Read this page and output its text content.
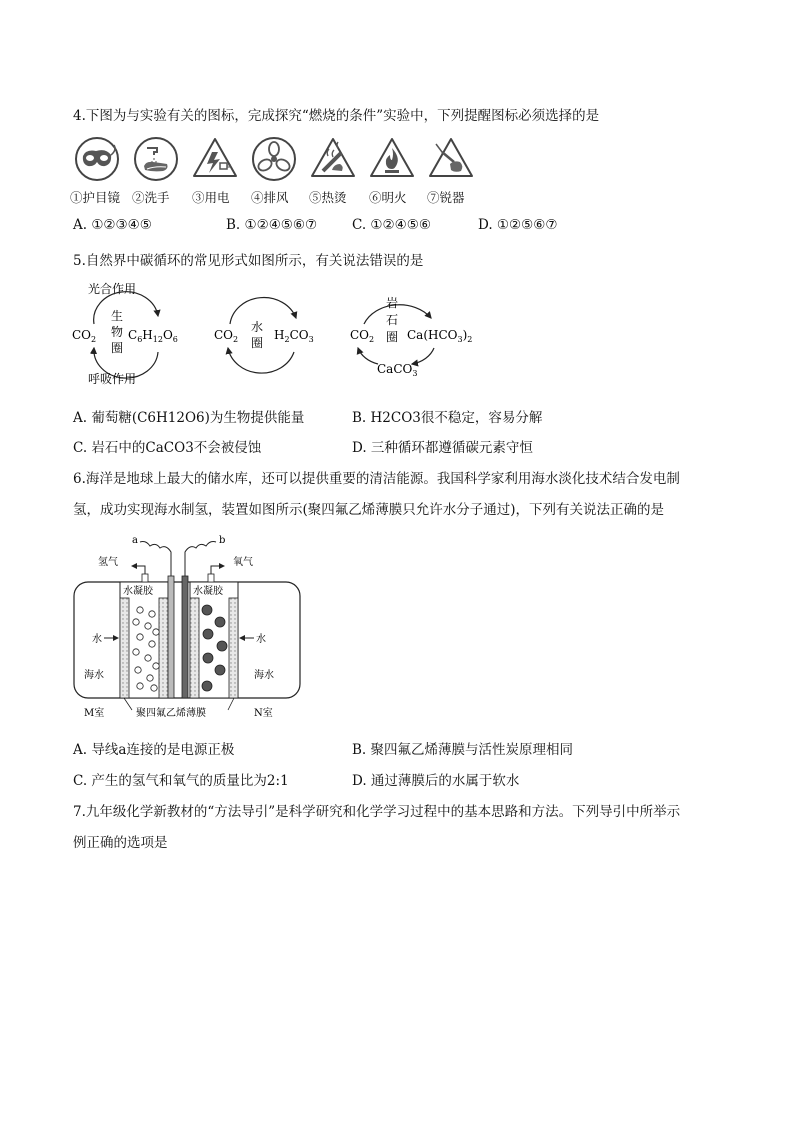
4.下图为与实验有关的图标，完成探究“燃烧的条件”实验中，下列提醒图标必须选择的是
①护目镜 ②洗手 ③用电 ④排风 ⑤热烫 ⑥明火 ⑦锐器
A. ①②③④⑤	B. ①②④⑤⑥⑦	C. ①②④⑤⑥	D. ①②⑤⑥⑦
5.自然界中碳循环的常见形式如图所示，有关说法错误的是
光合作用
$CO_2$	$C_6H_{12}O_6$
生
物
圈
呼吸作用
$CO_2$	$H_2CO_3$
水
圈
$CO_2$	$Ca(HCO_3)_2$
岩
石
圈
CaCO$_3$
A. 葡萄糖(C6H12O6)为生物提供能量	B. H2CO3很不稳定，容易分解
C. 岩石中的CaCO3不会被侵蚀	D. 三种循环都遵循碳元素守恒
6.海洋是地球上最大的储水库，还可以提供重要的清洁能源。我国科学家利用海水淡化技术结合发电制
氢，成功实现海水制氢，装置如图所示(聚四氟乙烯薄膜只允许水分子通过)，下列有关说法正确的是
a	b
氢气	氧气
水凝胶	水凝胶
水	水
海水	海水
M室	N室
聚四氟乙烯薄膜
A. 导线a连接的是电源正极	B. 聚四氟乙烯薄膜与活性炭原理相同
C. 产生的氢气和氧气的质量比为2:1	D. 通过薄膜后的水属于软水
7.九年级化学新教材的“方法导引”是科学研究和化学学习过程中的基本思路和方法。下列导引中所举示
例正确的选项是
